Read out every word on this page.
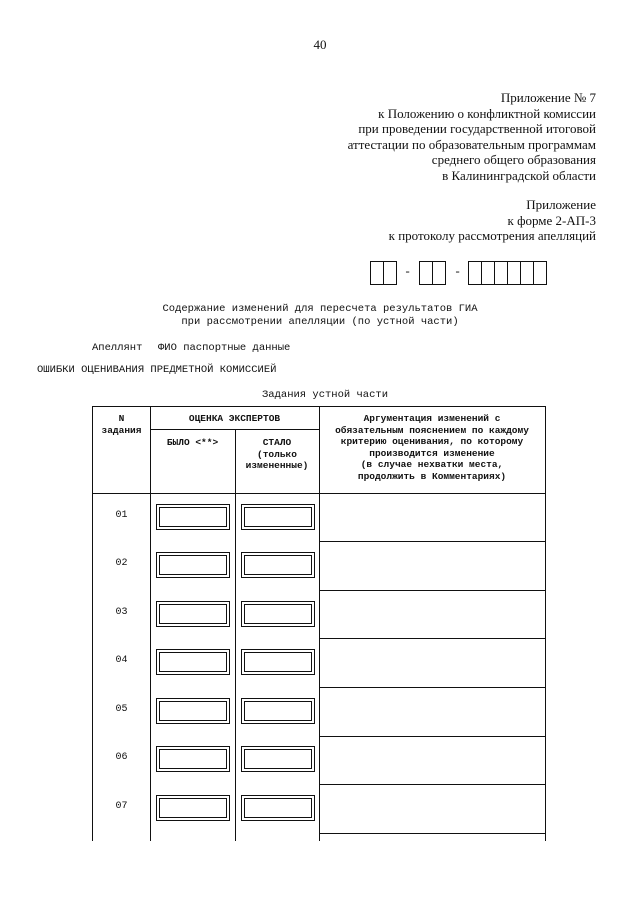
40
Приложение № 7
к Положению о конфликтной комиссии
при проведении государственной итоговой
аттестации по образовательным программам
среднего общего образования
в Калининградской области
Приложение
к форме 2-АП-3
к протоколу рассмотрения апелляций
-	-
Содержание изменений для пересчета результатов ГИА
при рассмотрении апелляции (по устной части)
Апеллянт ФИО паспортные данные
ОШИБКИ ОЦЕНИВАНИЯ ПРЕДМЕТНОЙ КОМИССИЕЙ
Задания устной части
N
задания
ОЦЕНКА ЭКСПЕРТОВ
БЫЛО <**>	СТАЛО
(только
измененные)
Аргументация изменений с
обязательным пояснением по каждому
критерию оценивания, по которому
производится изменение
(в случае нехватки места,
продолжить в Комментариях)
01
02
03
04
05
06
07
